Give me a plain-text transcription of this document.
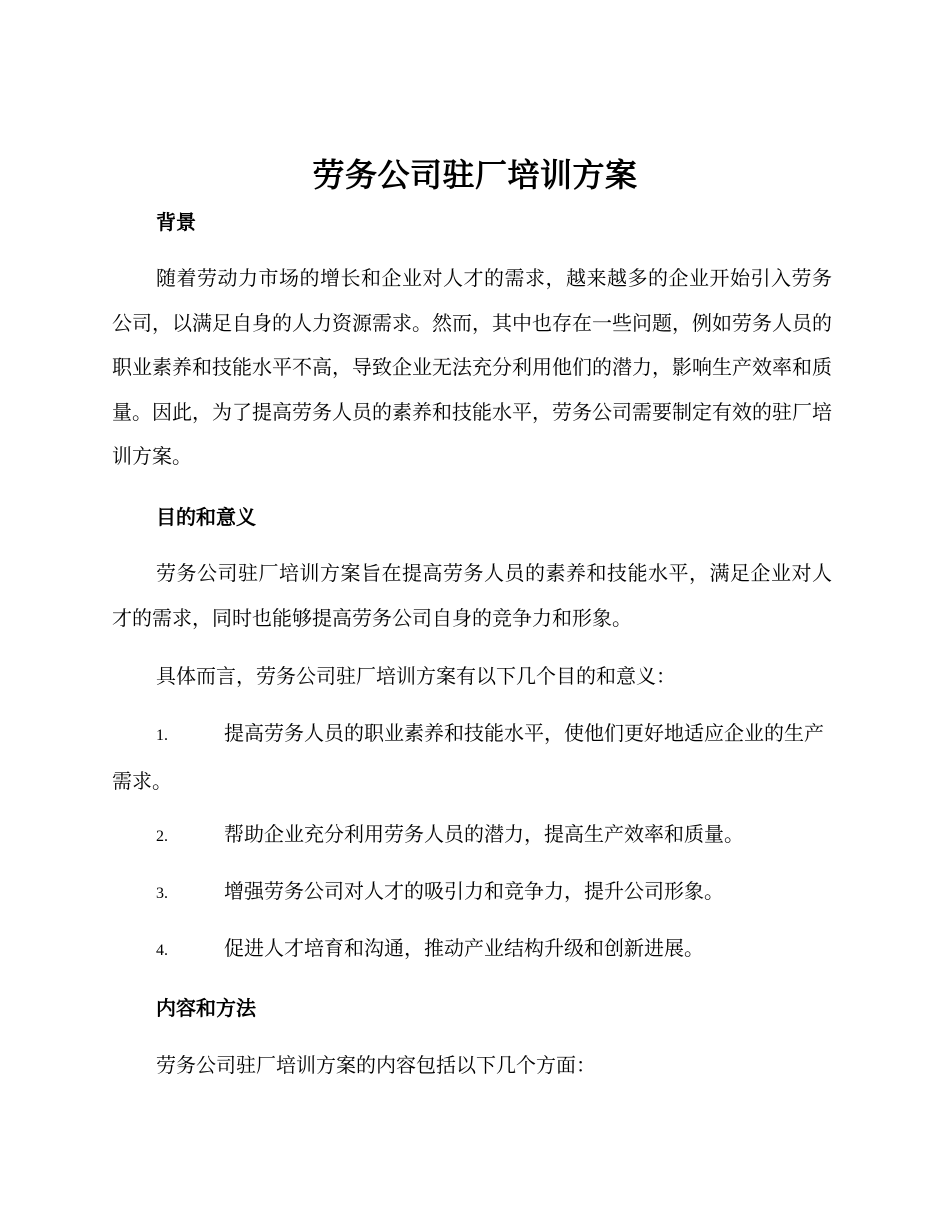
劳务公司驻厂培训方案
背景

随着劳动力市场的增长和企业对人才的需求，越来越多的企业开始引入劳务公司，以满足自身的人力资源需求。然而，其中也存在一些问题，例如劳务人员的职业素养和技能水平不高，导致企业无法充分利用他们的潜力，影响生产效率和质量。因此，为了提高劳务人员的素养和技能水平，劳务公司需要制定有效的驻厂培训方案。

目的和意义

劳务公司驻厂培训方案旨在提高劳务人员的素养和技能水平，满足企业对人才的需求，同时也能够提高劳务公司自身的竞争力和形象。

具体而言，劳务公司驻厂培训方案有以下几个目的和意义：

1.	提高劳务人员的职业素养和技能水平，使他们更好地适应企业的生产需求。

2.	帮助企业充分利用劳务人员的潜力，提高生产效率和质量。

3.	增强劳务公司对人才的吸引力和竞争力，提升公司形象。

4.	促进人才培育和沟通，推动产业结构升级和创新进展。

内容和方法
劳务公司驻厂培训方案的内容包括以下几个方面：
